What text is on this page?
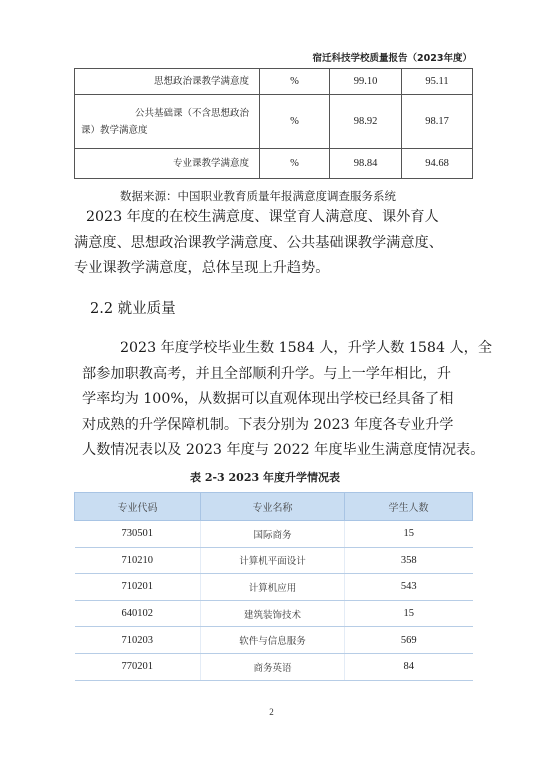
宿迁科技学校质量报告（2023年度）
思想政治课教学满意度	%	99.10	95.11

公共基础课（不含思想政治
课）教学满意度	%	98.92	98.17
专业课教学满意度	%	98.84	94.68
数据来源：中国职业教育质量年报满意度调查服务系统
2023 年度的在校生满意度、课堂育人满意度、课外育人
满意度、思想政治课教学满意度、公共基础课教学满意度、
专业课教学满意度，总体呈现上升趋势。
2.2 就业质量
2023 年度学校毕业生数 1584 人，升学人数 1584 人，全
部参加职教高考，并且全部顺利升学。与上一学年相比，升
学率均为 100%，从数据可以直观体现出学校已经具备了相
对成熟的升学保障机制。下表分别为 2023 年度各专业升学
人数情况表以及 2023 年度与 2022 年度毕业生满意度情况表。
表 2-3 2023 年度升学情况表
专业代码	专业名称	学生人数
730501	国际商务	15
710210	计算机平面设计	358
710201	计算机应用	543
640102	建筑装饰技术	15
710203	软件与信息服务	569
770201	商务英语	84
2
